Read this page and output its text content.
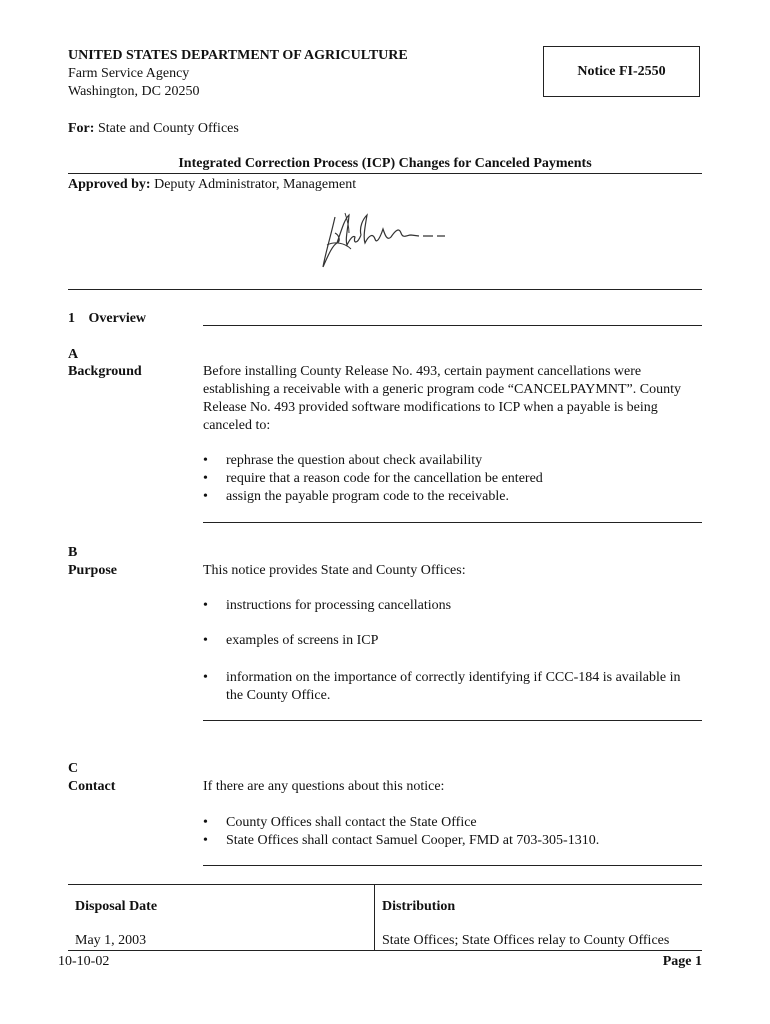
UNITED STATES DEPARTMENT OF AGRICULTURE
Farm Service Agency
Washington, DC 20250
Notice FI-2550
For: State and County Offices
Integrated Correction Process (ICP) Changes for Canceled Payments
Approved by: Deputy Administrator, Management
1 Overview
A
Background	Before installing County Release No. 493, certain payment cancellations were establishing a receivable with a generic program code “CANCELPAYMNT”. County Release No. 493 provided software modifications to ICP when a payable is being canceled to:
• rephrase the question about check availability
• require that a reason code for the cancellation be entered
• assign the payable program code to the receivable.
B
Purpose	This notice provides State and County Offices:
• instructions for processing cancellations
• examples of screens in ICP
• information on the importance of correctly identifying if CCC-184 is available in the County Office.
C
Contact	If there are any questions about this notice:
• County Offices shall contact the State Office
• State Offices shall contact Samuel Cooper, FMD at 703-305-1310.
Disposal Date
May 1, 2003
Distribution
State Offices; State Offices relay to County Offices
10-10-02	Page 1
